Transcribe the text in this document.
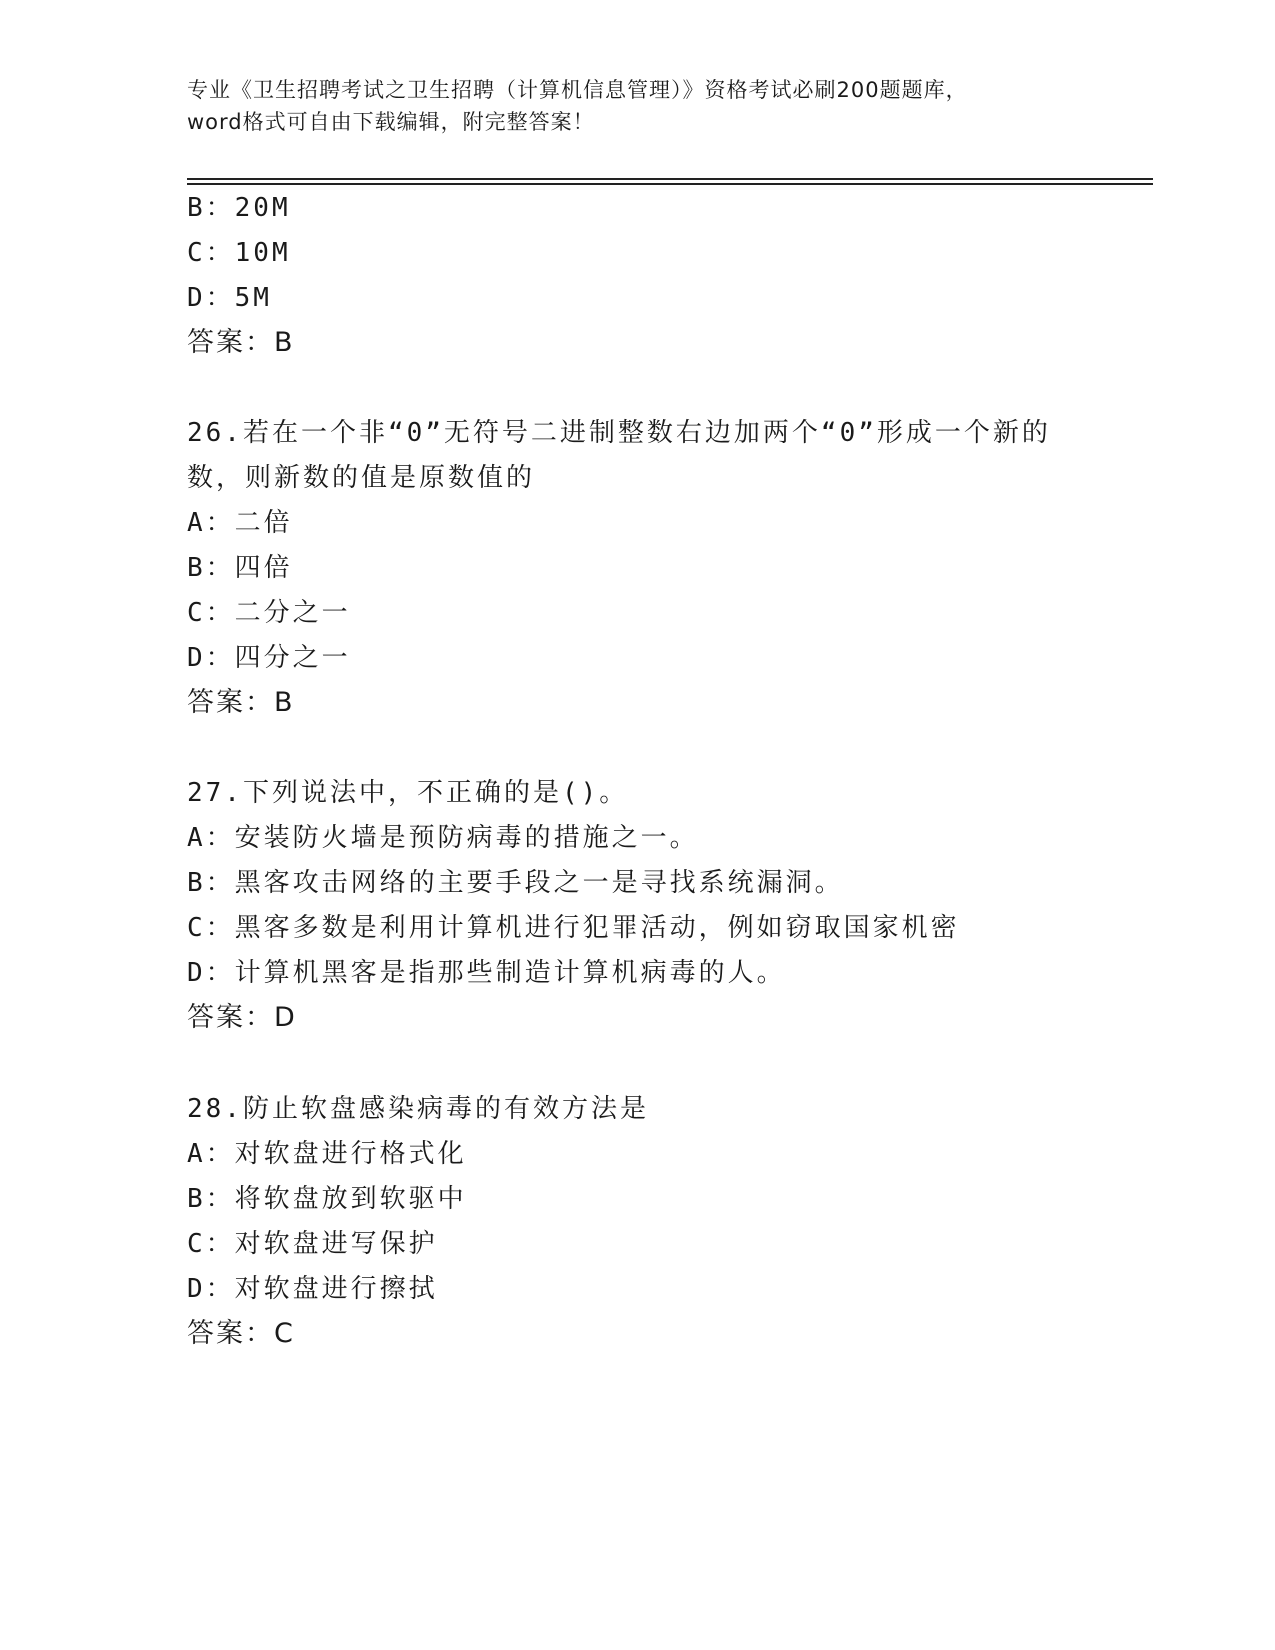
专业《卫生招聘考试之卫生招聘（计算机信息管理）》资格考试必刷200题题库，
word格式可自由下载编辑，附完整答案！
B：20M
C：10M
D：5M
答案：B
26.若在一个非“0”无符号二进制整数右边加两个“0”形成一个新的
数，则新数的值是原数值的
A：二倍
B：四倍
C：二分之一
D：四分之一
答案：B
27.下列说法中，不正确的是()。
A：安装防火墙是预防病毒的措施之一。
B：黑客攻击网络的主要手段之一是寻找系统漏洞。
C：黑客多数是利用计算机进行犯罪活动，例如窃取国家机密
D：计算机黑客是指那些制造计算机病毒的人。
答案：D
28.防止软盘感染病毒的有效方法是
A：对软盘进行格式化
B：将软盘放到软驱中
C：对软盘进写保护
D：对软盘进行擦拭
答案：C
